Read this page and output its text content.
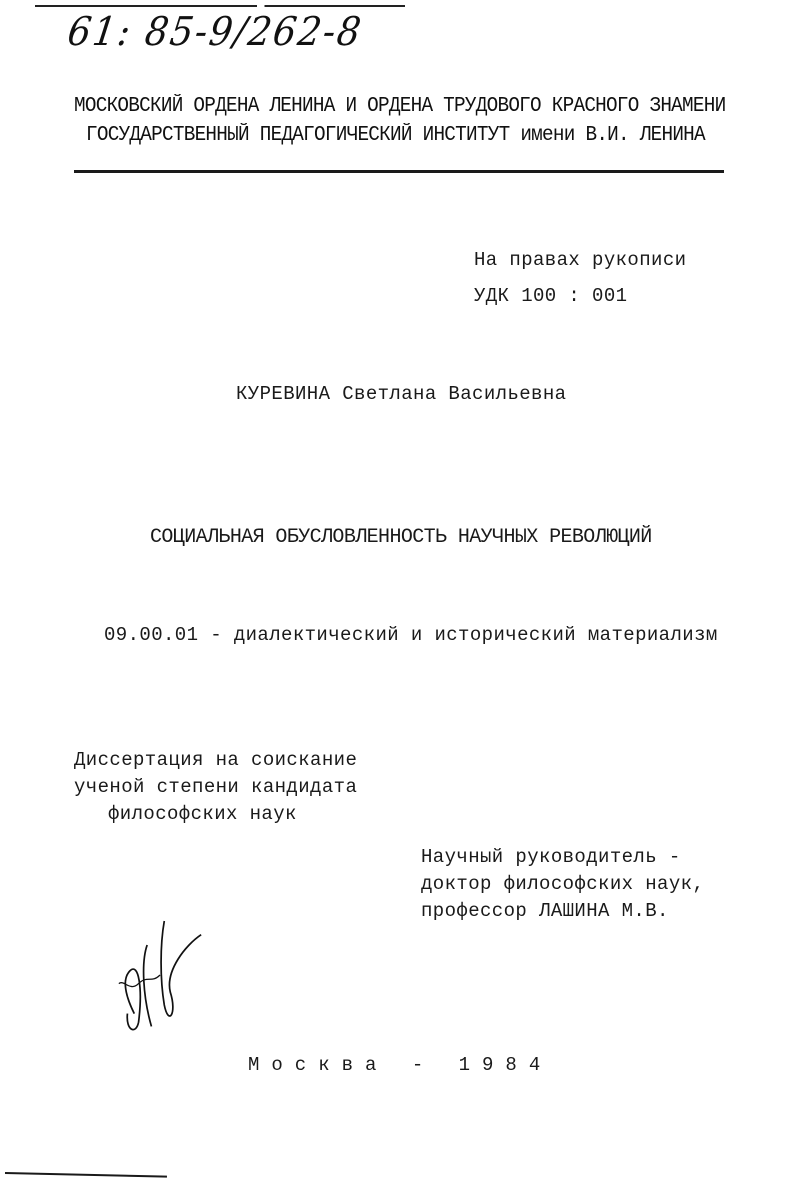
61: 85-9/262-8
МОСКОВСКИЙ ОРДЕНА ЛЕНИНА И ОРДЕНА ТРУДОВОГО КРАСНОГО ЗНАМЕНИ
ГОСУДАРСТВЕННЫЙ ПЕДАГОГИЧЕСКИЙ ИНСТИТУТ имени В.И. ЛЕНИНА
На правах рукописи
УДК 100 : 001
КУРЕВИНА Светлана Васильевна
СОЦИАЛЬНАЯ ОБУСЛОВЛЕННОСТЬ НАУЧНЫХ РЕВОЛЮЦИЙ
09.00.01 - диалектический и исторический материализм
Диссертация на соискание
ученой степени кандидата
философских наук
Научный руководитель -
доктор философских наук,
профессор ЛАШИНА М.В.
Москва - 1984
